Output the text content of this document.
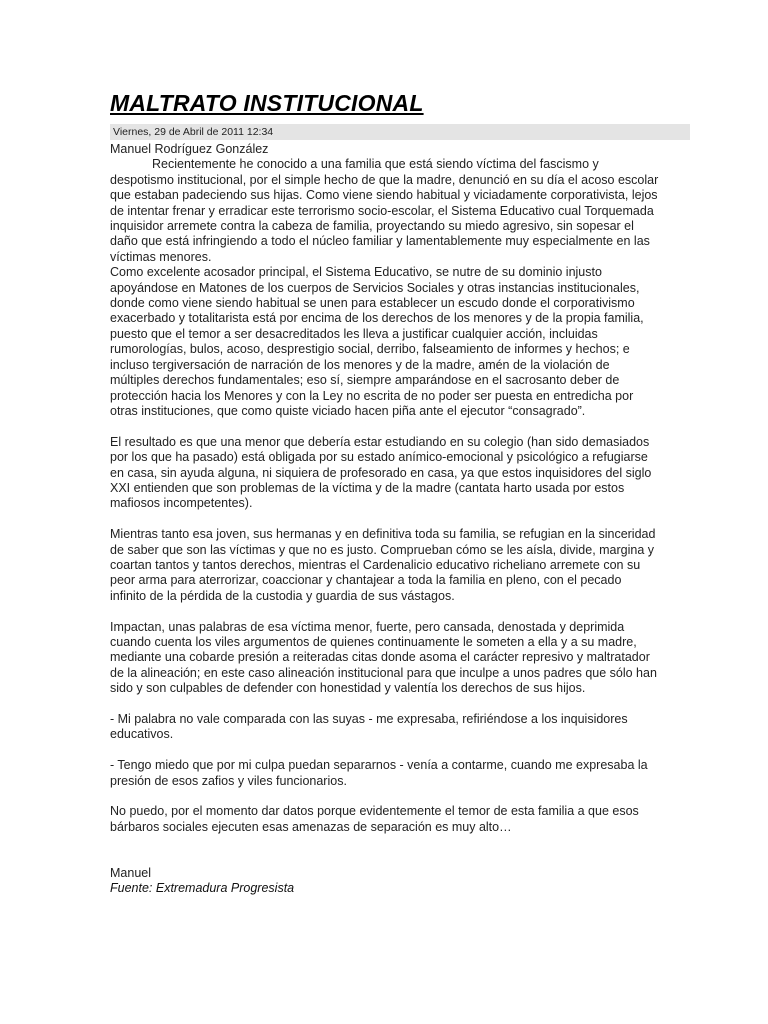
MALTRATO INSTITUCIONAL
Viernes, 29 de Abril de 2011 12:34
Manuel Rodríguez González

Recientemente he conocido a una familia que está siendo víctima del fascismo y despotismo institucional, por el simple hecho de que la madre, denunció en su día el acoso escolar que estaban padeciendo sus hijas. Como viene siendo habitual y viciadamente corporativista, lejos de intentar frenar y erradicar este terrorismo socio-escolar, el Sistema Educativo cual Torquemada inquisidor arremete contra la cabeza de familia, proyectando su miedo agresivo, sin sopesar el daño que está infringiendo a todo el núcleo familiar y lamentablemente muy especialmente en las víctimas menores.

Como excelente acosador principal, el Sistema Educativo, se nutre de su dominio injusto apoyándose en Matones de los cuerpos de Servicios Sociales y otras instancias institucionales, donde como viene siendo habitual se unen para establecer un escudo donde el corporativismo exacerbado y totalitarista está por encima de los derechos de los menores y de la propia familia, puesto que el temor a ser desacreditados les lleva a justificar cualquier acción, incluidas rumorologías, bulos, acoso, desprestigio social, derribo, falseamiento de informes y hechos; e incluso tergiversación de narración de los menores y de la madre, amén de la violación de múltiples derechos fundamentales; eso sí, siempre amparándose en el sacrosanto deber de protección hacia los Menores y con la Ley no escrita de no poder ser puesta en entredicha por otras instituciones, que como quiste viciado hacen piña ante el ejecutor “consagrado”.

El resultado es que una menor que debería estar estudiando en su colegio (han sido demasiados por los que ha pasado) está obligada por su estado anímico-emocional y psicológico a refugiarse en casa, sin ayuda alguna, ni siquiera de profesorado en casa, ya que estos inquisidores del siglo XXI entienden que son problemas de la víctima y de la madre (cantata harto usada por estos mafiosos incompetentes).

Mientras tanto esa joven, sus hermanas y en definitiva toda su familia, se refugian en la sinceridad de saber que son las víctimas y que no es justo. Comprueban cómo se les aísla, divide, margina y coartan tantos y tantos derechos, mientras el Cardenalicio educativo richeliano arremete con su peor arma para aterrorizar, coaccionar y chantajear a toda la familia en pleno, con el pecado infinito de la pérdida de la custodia y guardia de sus vástagos.

Impactan, unas palabras de esa víctima menor, fuerte, pero cansada, denostada y deprimida cuando cuenta los viles argumentos de quienes continuamente le someten a ella y a su madre, mediante una cobarde presión a reiteradas citas donde asoma el carácter represivo y maltratador de la alineación; en este caso alineación institucional para que inculpe a unos padres que sólo han sido y son culpables de defender con honestidad y valentía los derechos de sus hijos.

- Mi palabra no vale comparada con las suyas - me expresaba, refiriéndose a los inquisidores educativos.

- Tengo miedo que por mi culpa puedan separarnos - venía a contarme, cuando me expresaba la presión de esos zafios y viles funcionarios.

No puedo, por el momento dar datos porque evidentemente el temor de esta familia a que esos bárbaros sociales ejecuten esas amenazas de separación es muy alto…

Manuel
Fuente: Extremadura Progresista
